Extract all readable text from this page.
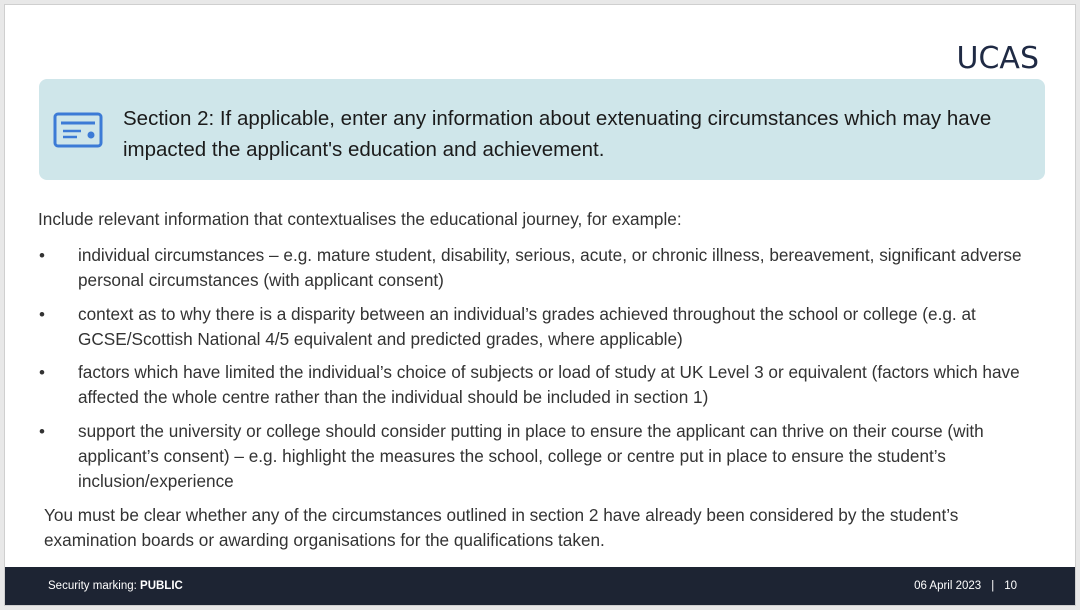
UCAS
Section 2: If applicable, enter any information about extenuating circumstances which may have impacted the applicant's education and achievement.
Include relevant information that contextualises the educational journey, for example:
• individual circumstances – e.g. mature student, disability, serious, acute, or chronic illness, bereavement, significant adverse personal circumstances (with applicant consent)
• context as to why there is a disparity between an individual’s grades achieved throughout the school or college (e.g. at GCSE/Scottish National 4/5 equivalent and predicted grades, where applicable)
• factors which have limited the individual’s choice of subjects or load of study at UK Level 3 or equivalent (factors which have affected the whole centre rather than the individual should be included in section 1)
• support the university or college should consider putting in place to ensure the applicant can thrive on their course (with applicant’s consent) – e.g. highlight the measures the school, college or centre put in place to ensure the student’s inclusion/experience
You must be clear whether any of the circumstances outlined in section 2 have already been considered by the student’s examination boards or awarding organisations for the qualifications taken.
Security marking: PUBLIC	06 April 2023 | 10
